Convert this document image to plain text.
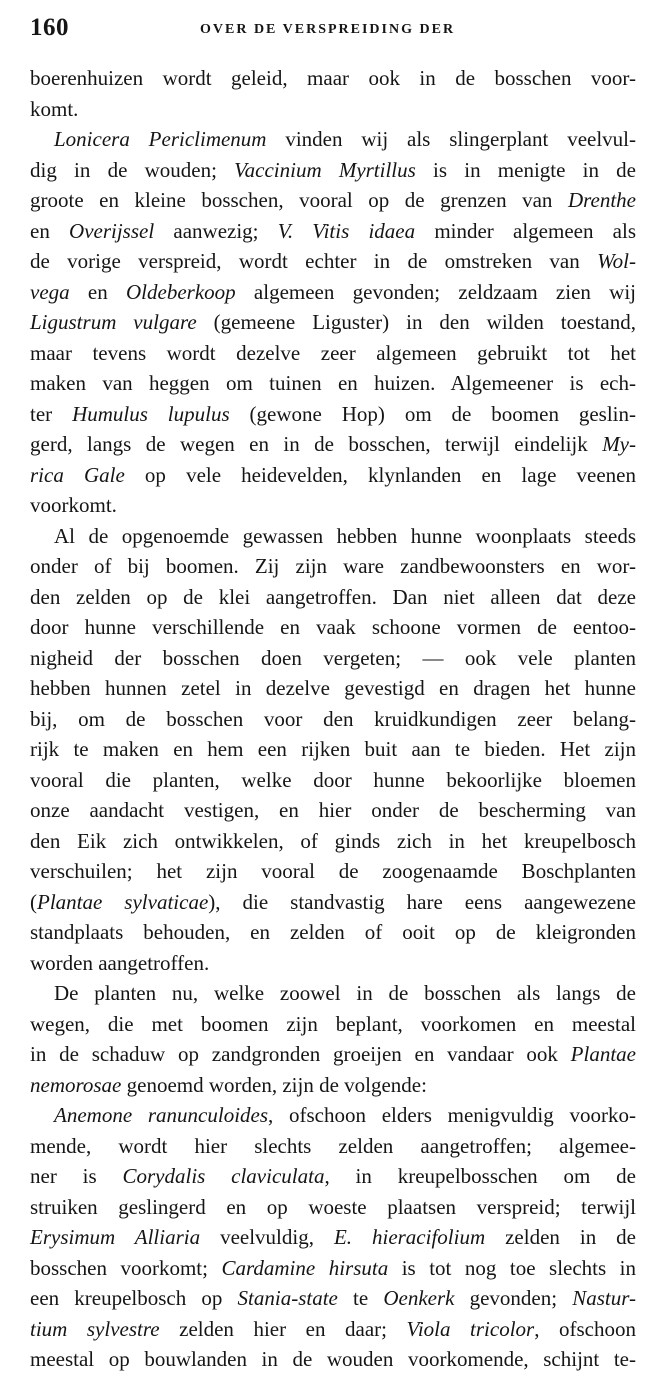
160	OVER DE VERSPREIDING DER
boerenhuizen wordt geleid, maar ook in de bosschen voor-
komt.
Lonicera Periclimenum vinden wij als slingerplant veelvul-
dig in de wouden; Vaccinium Myrtillus is in menigte in de
groote en kleine bosschen, vooral op de grenzen van Drenthe
en Overijssel aanwezig; V. Vitis idaea minder algemeen als
de vorige verspreid, wordt echter in de omstreken van Wol-
vega en Oldeberkoop algemeen gevonden; zeldzaam zien wij
Ligustrum vulgare (gemeene Liguster) in den wilden toestand,
maar tevens wordt dezelve zeer algemeen gebruikt tot het
maken van heggen om tuinen en huizen. Algemeener is ech-
ter Humulus lupulus (gewone Hop) om de boomen geslin-
gerd, langs de wegen en in de bosschen, terwijl eindelijk My-
rica Gale op vele heidevelden, klynlanden en lage veenen
voorkomt.
Al de opgenoemde gewassen hebben hunne woonplaats steeds
onder of bij boomen. Zij zijn ware zandbewoonsters en wor-
den zelden op de klei aangetroffen. Dan niet alleen dat deze
door hunne verschillende en vaak schoone vormen de eentoo-
nigheid der bosschen doen vergeten; — ook vele planten
hebben hunnen zetel in dezelve gevestigd en dragen het hunne
bij, om de bosschen voor den kruidkundigen zeer belang-
rijk te maken en hem een rijken buit aan te bieden. Het zijn
vooral die planten, welke door hunne bekoorlijke bloemen
onze aandacht vestigen, en hier onder de bescherming van
den Eik zich ontwikkelen, of ginds zich in het kreupelbosch
verschuilen; het zijn vooral de zoogenaamde Boschplanten
(Plantae sylvaticae), die standvastig hare eens aangewezene
standplaats behouden, en zelden of ooit op de kleigronden
worden aangetroffen.
De planten nu, welke zoowel in de bosschen als langs de
wegen, die met boomen zijn beplant, voorkomen en meestal
in de schaduw op zandgronden groeijen en vandaar ook Plantae
nemorosae genoemd worden, zijn de volgende:
Anemone ranunculoides, ofschoon elders menigvuldig voorko-
mende, wordt hier slechts zelden aangetroffen; algemee-
ner is Corydalis claviculata, in kreupelbosschen om de
struiken geslingerd en op woeste plaatsen verspreid; terwijl
Erysimum Alliaria veelvuldig, E. hieracifolium zelden in de
bosschen voorkomt; Cardamine hirsuta is tot nog toe slechts in
een kreupelbosch op Stania-state te Oenkerk gevonden; Nastur-
tium sylvestre zelden hier en daar; Viola tricolor, ofschoon
meestal op bouwlanden in de wouden voorkomende, schijnt te-
